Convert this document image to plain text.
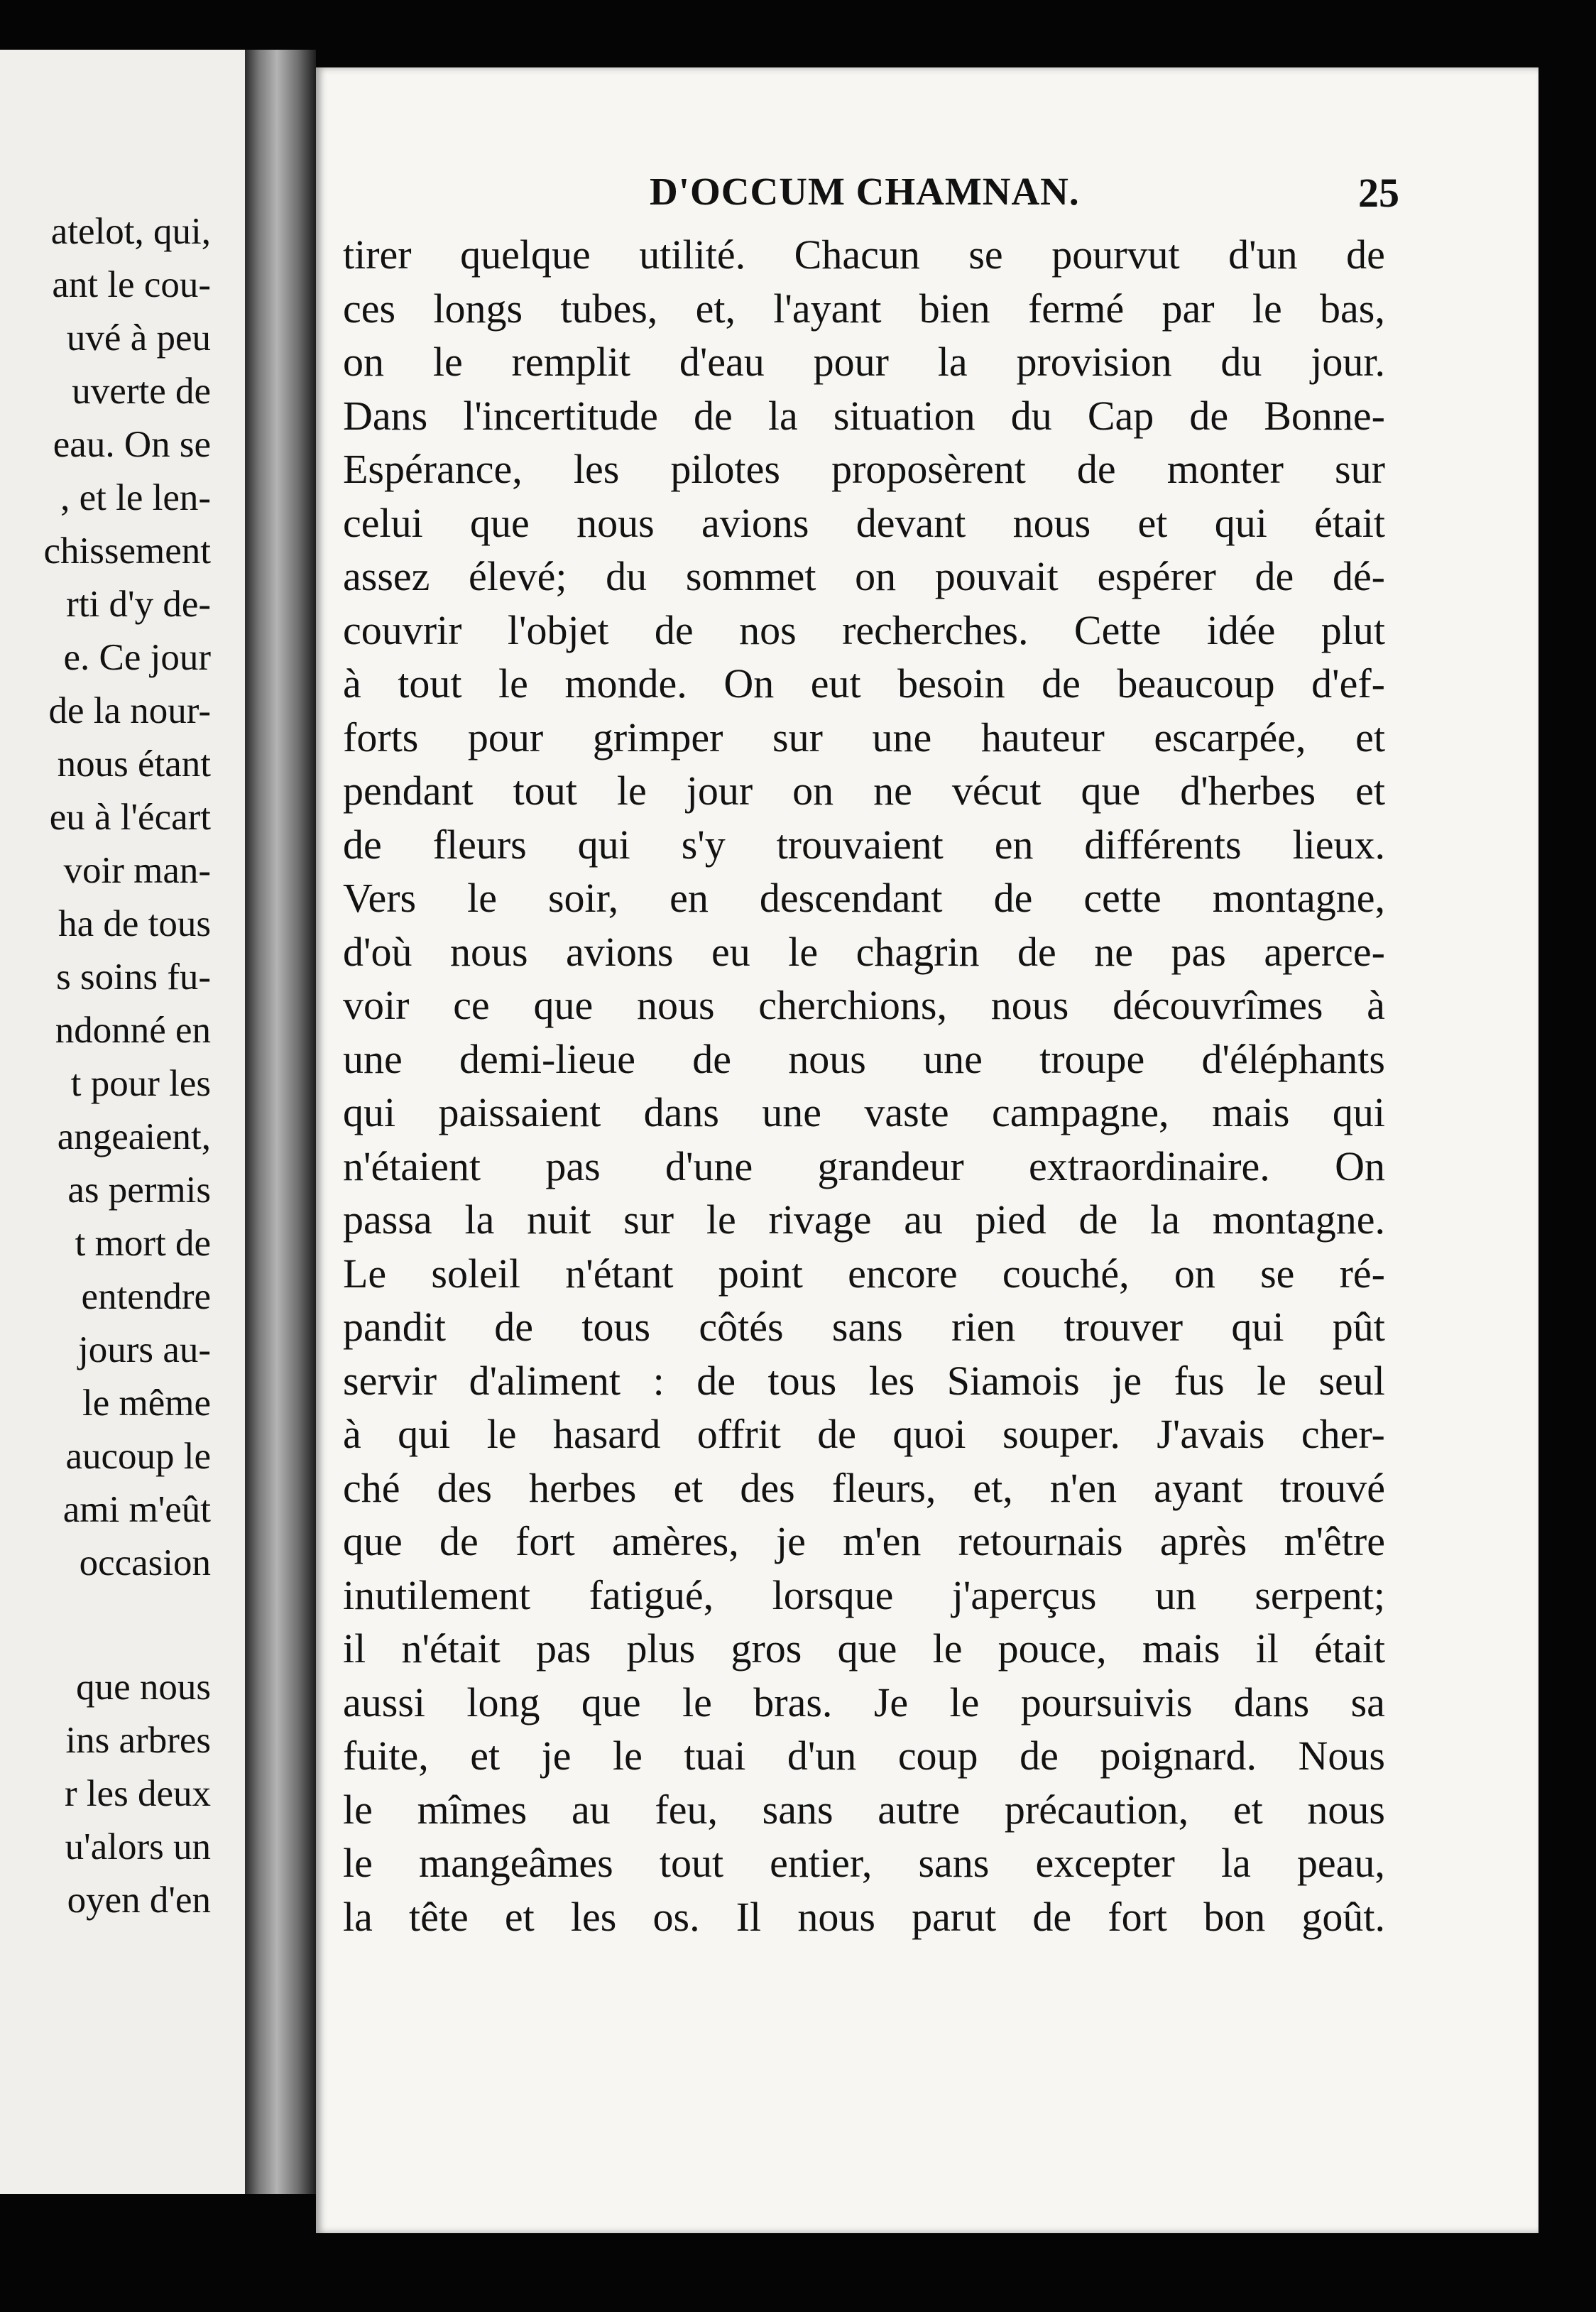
atelot, qui,

ant le cou-

uvé à peu

uverte de

eau. On se

, et le len-

chissement

rti d'y de-

e. Ce jour

de la nour-

nous étant

eu à l'écart

voir man-

ha de tous

s soins fu-

ndonné en

t pour les

angeaient,

as permis

t mort de

entendre

jours au-

le même

aucoup le

ami m'eût

occasion

que nous

ins arbres

r les deux

u'alors un

oyen d'en

D'OCCUM CHAMNAN.	25

tirer quelque utilité. Chacun se pourvut d'un de
ces longs tubes, et, l'ayant bien fermé par le bas,
on le remplit d'eau pour la provision du jour.
Dans l'incertitude de la situation du Cap de Bonne-
Espérance, les pilotes proposèrent de monter sur
celui que nous avions devant nous et qui était
assez élevé; du sommet on pouvait espérer de dé-
couvrir l'objet de nos recherches. Cette idée plut
à tout le monde. On eut besoin de beaucoup d'ef-
forts pour grimper sur une hauteur escarpée, et
pendant tout le jour on ne vécut que d'herbes et
de fleurs qui s'y trouvaient en différents lieux.
Vers le soir, en descendant de cette montagne,
d'où nous avions eu le chagrin de ne pas aperce-
voir ce que nous cherchions, nous découvrîmes à
une demi-lieue de nous une troupe d'éléphants
qui paissaient dans une vaste campagne, mais qui
n'étaient pas d'une grandeur extraordinaire. On
passa la nuit sur le rivage au pied de la montagne.
Le soleil n'étant point encore couché, on se ré-
pandit de tous côtés sans rien trouver qui pût
servir d'aliment : de tous les Siamois je fus le seul
à qui le hasard offrit de quoi souper. J'avais cher-
ché des herbes et des fleurs, et, n'en ayant trouvé
que de fort amères, je m'en retournais après m'être
inutilement fatigué, lorsque j'aperçus un serpent;
il n'était pas plus gros que le pouce, mais il était
aussi long que le bras. Je le poursuivis dans sa
fuite, et je le tuai d'un coup de poignard. Nous
le mîmes au feu, sans autre précaution, et nous
le mangeâmes tout entier, sans excepter la peau,
la tête et les os. Il nous parut de fort bon goût.
